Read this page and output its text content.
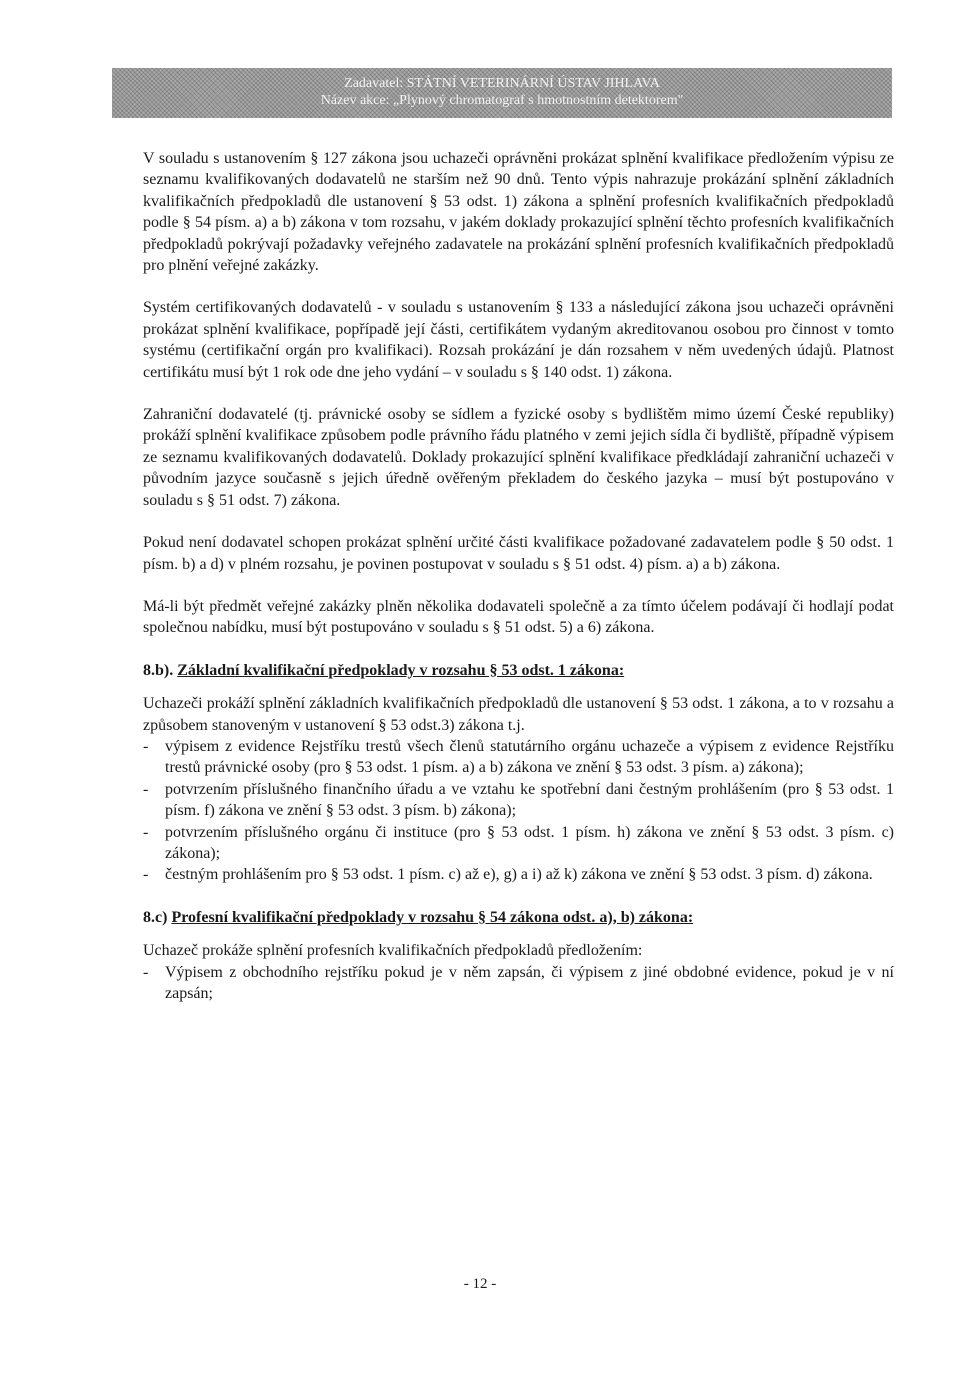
Zadavatel: STÁTNÍ VETERINÁRNÍ ÚSTAV JIHLAVA
Název akce: „Plynový chromatograf s hmotnostním detektorem"

V souladu s ustanovením § 127 zákona jsou uchazeči oprávněni prokázat splnění kvalifikace předložením výpisu ze seznamu kvalifikovaných dodavatelů ne starším než 90 dnů. Tento výpis nahrazuje prokázání splnění základních kvalifikačních předpokladů dle ustanovení § 53 odst. 1) zákona a splnění profesních kvalifikačních předpokladů podle § 54 písm. a) a b) zákona v tom rozsahu, v jakém doklady prokazující splnění těchto profesních kvalifikačních předpokladů pokrývají požadavky veřejného zadavatele na prokázání splnění profesních kvalifikačních předpokladů pro plnění veřejné zakázky.

Systém certifikovaných dodavatelů - v souladu s ustanovením § 133 a následující zákona jsou uchazeči oprávněni prokázat splnění kvalifikace, popřípadě její části, certifikátem vydaným akreditovanou osobou pro činnost v tomto systému (certifikační orgán pro kvalifikaci). Rozsah prokázání je dán rozsahem v něm uvedených údajů. Platnost certifikátu musí být 1 rok ode dne jeho vydání – v souladu s § 140 odst. 1) zákona.

Zahraniční dodavatelé (tj. právnické osoby se sídlem a fyzické osoby s bydlištěm mimo území České republiky) prokáží splnění kvalifikace způsobem podle právního řádu platného v zemi jejich sídla či bydliště, případně výpisem ze seznamu kvalifikovaných dodavatelů. Doklady prokazující splnění kvalifikace předkládají zahraniční uchazeči v původním jazyce současně s jejich úředně ověřeným překladem do českého jazyka – musí být postupováno v souladu s § 51 odst. 7) zákona.

Pokud není dodavatel schopen prokázat splnění určité části kvalifikace požadované zadavatelem podle § 50 odst. 1 písm. b) a d) v plném rozsahu, je povinen postupovat v souladu s § 51 odst. 4) písm. a) a b) zákona.

Má-li být předmět veřejné zakázky plněn několika dodavateli společně a za tímto účelem podávají či hodlají podat společnou nabídku, musí být postupováno v souladu s § 51 odst. 5) a 6) zákona.

8.b). Základní kvalifikační předpoklady v rozsahu § 53 odst. 1 zákona:

Uchazeči prokáží splnění základních kvalifikačních předpokladů dle ustanovení § 53 odst. 1 zákona, a to v rozsahu a způsobem stanoveným v ustanovení § 53 odst.3) zákona t.j.

- výpisem z evidence Rejstříku trestů všech členů statutárního orgánu uchazeče a výpisem z evidence Rejstříku trestů právnické osoby (pro § 53 odst. 1 písm. a) a b) zákona ve znění § 53 odst. 3 písm. a) zákona);
- potvrzením příslušného finančního úřadu a ve vztahu ke spotřební dani čestným prohlášením (pro § 53 odst. 1 písm. f) zákona ve znění § 53 odst. 3 písm. b) zákona);
- potvrzením příslušného orgánu či instituce (pro § 53 odst. 1 písm. h) zákona ve znění § 53 odst. 3 písm. c) zákona);
- čestným prohlášením pro § 53 odst. 1 písm. c) až e), g) a i) až k) zákona ve znění § 53 odst. 3 písm. d) zákona.
8.c) Profesní kvalifikační předpoklady v rozsahu § 54 zákona odst. a), b) zákona:

Uchazeč prokáže splnění profesních kvalifikačních předpokladů předložením:

- Výpisem z obchodního rejstříku pokud je v něm zapsán, či výpisem z jiné obdobné evidence, pokud je v ní zapsán;
- 12 -
